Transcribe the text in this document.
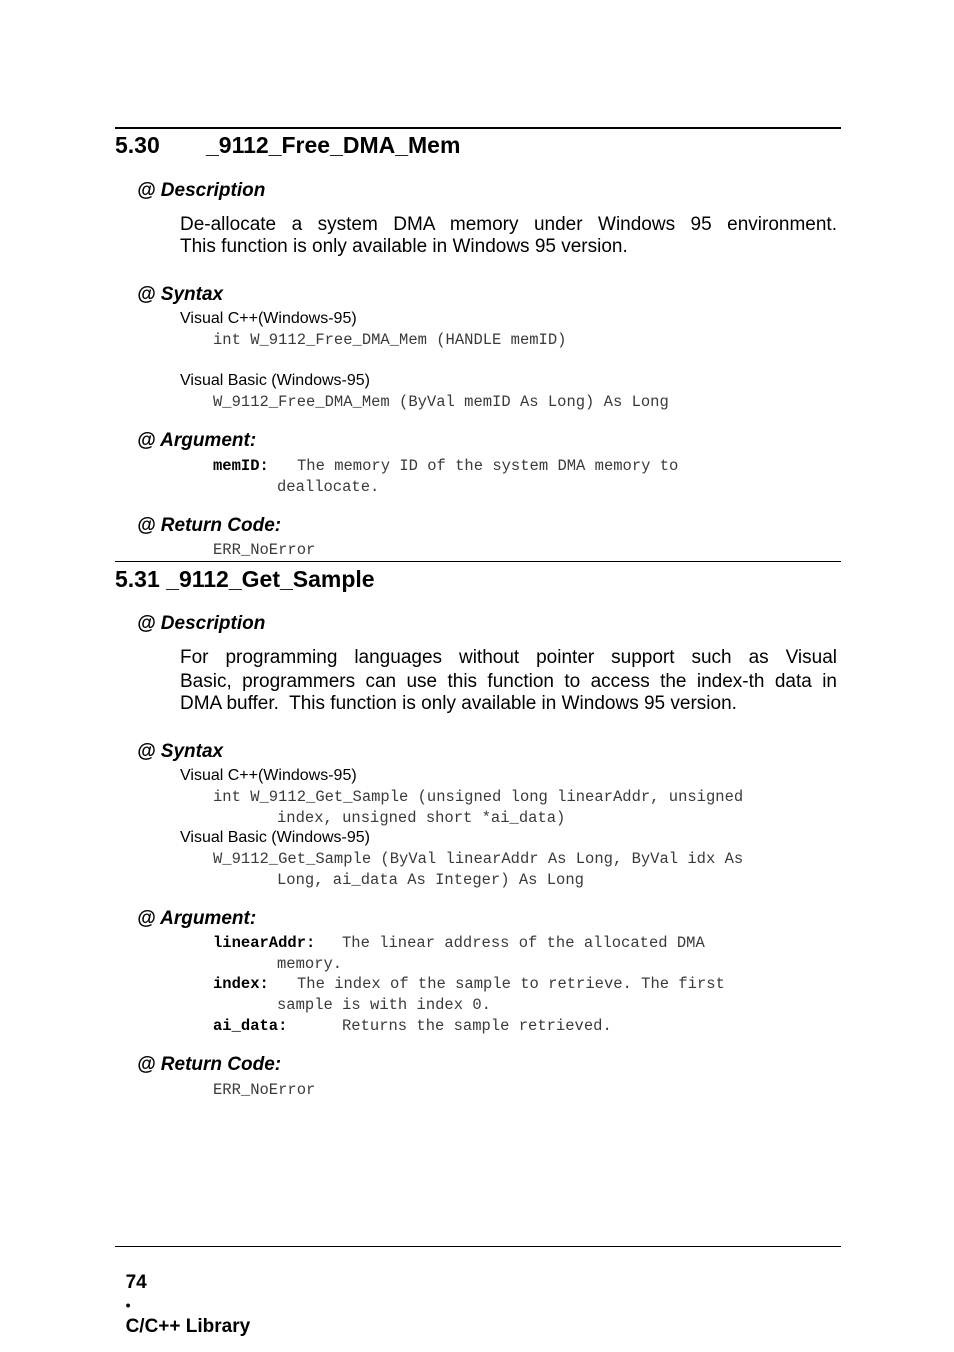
5.30 _9112_Free_DMA_Mem
@ Description
De-allocate a system DMA memory under Windows 95 environment.
This function is only available in Windows 95 version.
@ Syntax
Visual C++(Windows-95)
int W_9112_Free_DMA_Mem (HANDLE memID)
Visual Basic (Windows-95)
W_9112_Free_DMA_Mem (ByVal memID As Long) As Long
@ Argument:
memID: The memory ID of the system DMA memory to
deallocate.
@ Return Code:
ERR_NoError
5.31 _9112_Get_Sample
@ Description
For programming languages without pointer support such as Visual
Basic, programmers can use this function to access the index-th data in
DMA buffer.  This function is only available in Windows 95 version.
@ Syntax
Visual C++(Windows-95)
int W_9112_Get_Sample (unsigned long linearAddr, unsigned
index, unsigned short *ai_data)
Visual Basic (Windows-95)
W_9112_Get_Sample (ByVal linearAddr As Long, ByVal idx As
Long, ai_data As Integer) As Long
@ Argument:
linearAddr: The linear address of the allocated DMA
memory.
index: The index of the sample to retrieve. The first
sample is with index 0.
ai_data:	Returns the sample retrieved.
@ Return Code:
ERR_NoError

74
•
C/C++ Library
